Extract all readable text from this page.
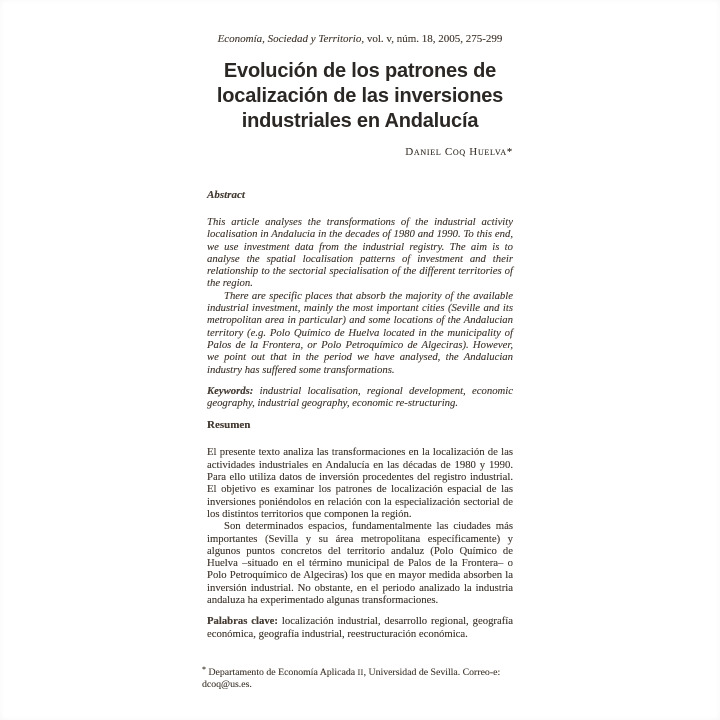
Economía, Sociedad y Territorio, vol. v, núm. 18, 2005, 275-299
Evolución de los patrones de
localización de las inversiones
industriales en Andalucía
Daniel Coq Huelva*
Abstract

This article analyses the transformations of the industrial activity localisation in Andalucia in the decades of 1980 and 1990. To this end, we use investment data from the industrial registry. The aim is to analyse the spatial localisation patterns of investment and their relationship to the sectorial specialisation of the different territories of the region.

There are specific places that absorb the majority of the available industrial investment, mainly the most important cities (Seville and its metropolitan area in particular) and some locations of the Andalucian territory (e.g. Polo Químico de Huelva located in the municipality of Palos de la Frontera, or Polo Petroquímico de Algeciras). However, we point out that in the period we have analysed, the Andalucian industry has suffered some transformations.

Keywords: industrial localisation, regional development, economic geography, industrial geography, economic re-structuring.

Resumen

El presente texto analiza las transformaciones en la localización de las actividades industriales en Andalucía en las décadas de 1980 y 1990. Para ello utiliza datos de inversión procedentes del registro industrial. El objetivo es examinar los patrones de localización espacial de las inversiones poniéndolos en relación con la especialización sectorial de los distintos territorios que componen la región.

Son determinados espacios, fundamentalmente las ciudades más importantes (Sevilla y su área metropolitana específicamente) y algunos puntos concretos del territorio andaluz (Polo Químico de Huelva –situado en el término municipal de Palos de la Frontera– o Polo Petroquímico de Algeciras) los que en mayor medida absorben la inversión industrial. No obstante, en el periodo analizado la industria andaluza ha experimentado algunas transformaciones.

Palabras clave: localización industrial, desarrollo regional, geografía económica, geografía industrial, reestructuración económica.

* Departamento de Economía Aplicada II, Universidad de Sevilla. Correo-e: dcoq@us.es.
